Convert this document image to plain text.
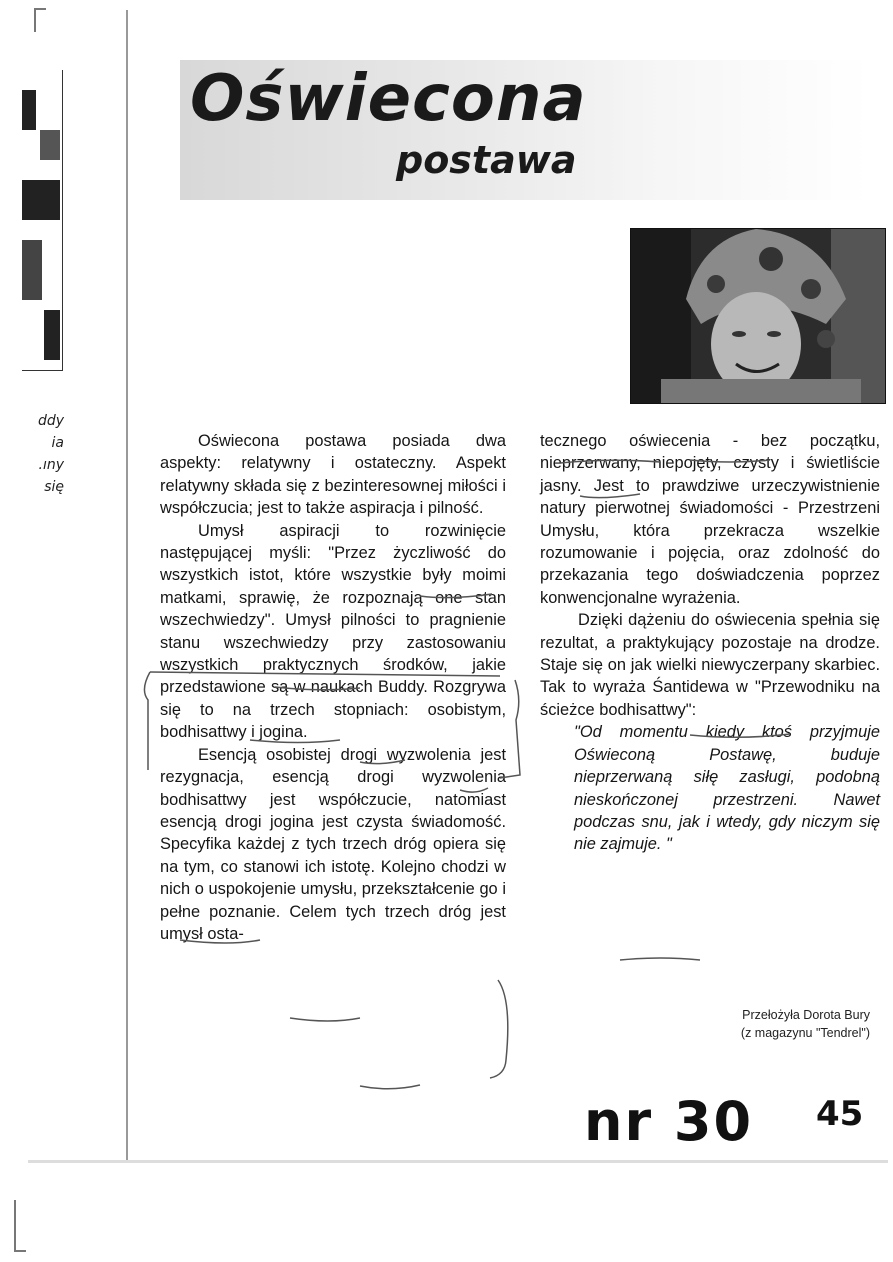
ddy
ia
.ıny
się
Oświecona
postawa

Oświecona postawa posiada dwa aspekty: relatywny i ostateczny. Aspekt relatywny składa się z bezinteresownej miłości i współczucia; jest to także aspiracja i pilność.

Umysł aspiracji to rozwinięcie następującej myśli: "Przez życzliwość do wszystkich istot, które wszystkie były moimi matkami, sprawię, że rozpoznają one stan wszechwiedzy". Umysł pilności to pragnienie stanu wszechwiedzy przy zastosowaniu wszystkich praktycznych środków, jakie przedstawione są w naukach Buddy. Rozgrywa się to na trzech stopniach: osobistym, bodhisattwy i jogina.

Esencją osobistej drogi wyzwolenia jest rezygnacja, esencją drogi wyzwolenia bodhisattwy jest współczucie, natomiast esencją drogi jogina jest czysta świadomość. Specyfika każdej z tych trzech dróg opiera się na tym, co stanowi ich istotę. Kolejno chodzi w nich o uspokojenie umysłu, przekształcenie go i pełne poznanie. Celem tych trzech dróg jest umysł osta-

tecznego oświecenia - bez początku, nieprzerwany, niepojęty, czysty i świetliście jasny. Jest to prawdziwe urzeczywistnienie natury pierwotnej świadomości - Przestrzeni Umysłu, która przekracza wszelkie rozumowanie i pojęcia, oraz zdolność do przekazania tego doświadczenia poprzez konwencjonalne wyrażenia.

Dzięki dążeniu do oświecenia spełnia się rezultat, a praktykujący pozostaje na drodze. Staje się on jak wielki niewyczerpany skarbiec. Tak to wyraża Śantidewa w "Przewodniku na ścieżce bodhisattwy":

"Od momentu kiedy ktoś przyjmuje Oświeconą Postawę, buduje nieprzerwaną siłę zasługi, podobną nieskończonej przestrzeni. Nawet podczas snu, jak i wtedy, gdy niczym się nie zajmuje. "

Przełożyła Dorota Bury
(z magazynu "Tendrel")
nr 30 45
